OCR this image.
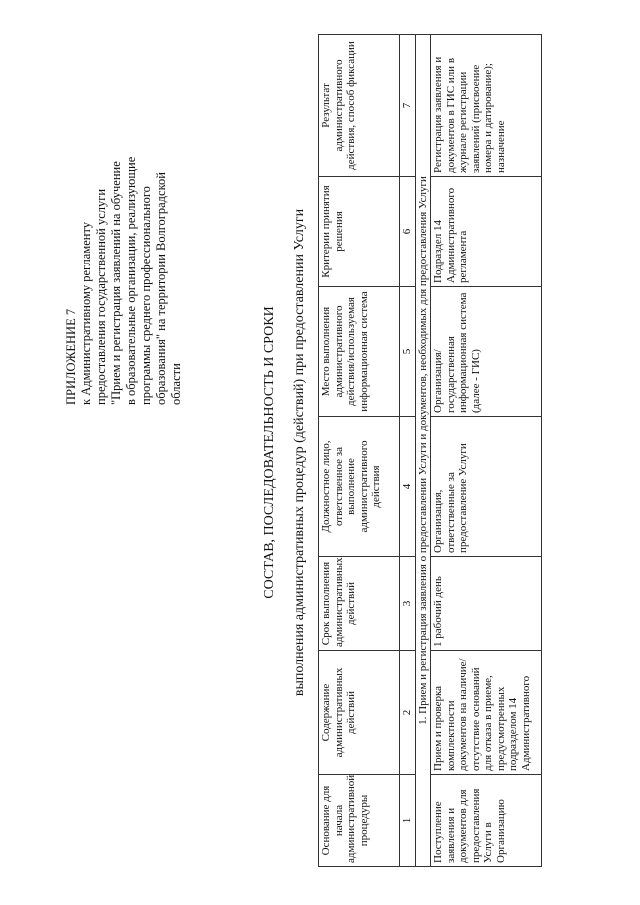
ПРИЛОЖЕНИЕ 7 к Административному регламенту предоставления государственной услуги "Прием и регистрация заявлений на обучение в образовательные организации, реализующие программы среднего профессионального образования" на территории Волгоградской области	СОСТАВ, ПОСЛЕДОВАТЕЛЬНОСТЬ И СРОКИ выполнения административных процедур (действий) при предоставлении Услуги
Основание для начала административной процедуры	Содержание административных действий	Срок выполнения административных действий	Должностное лицо, ответственное за выполнение административного действия	Место выполнения административного действия/используемая информационная система	Критерии принятия решения	Результат административного действия, способ фиксации
1	2	3	4	5	6	7
1. Прием и регистрация заявления о предоставлении Услуги и документов, необходимых для предоставления Услуги						

Поступление заявления и документов для предоставления Услуги в Организацию	Прием и проверка комплектности документов на наличие/отсутствие оснований для отказа в приеме, предусмотренных подразделом 14 Административного	1 рабочий день	Организация, ответственные за предоставление Услуги	Организация/ государственная информационная система (далее - ГИС)	Подраздел 14 Административного регламента	Регистрация заявления и документов в ГИС или в журнале регистрации заявлений (присвоение номера и датирование); назначение
